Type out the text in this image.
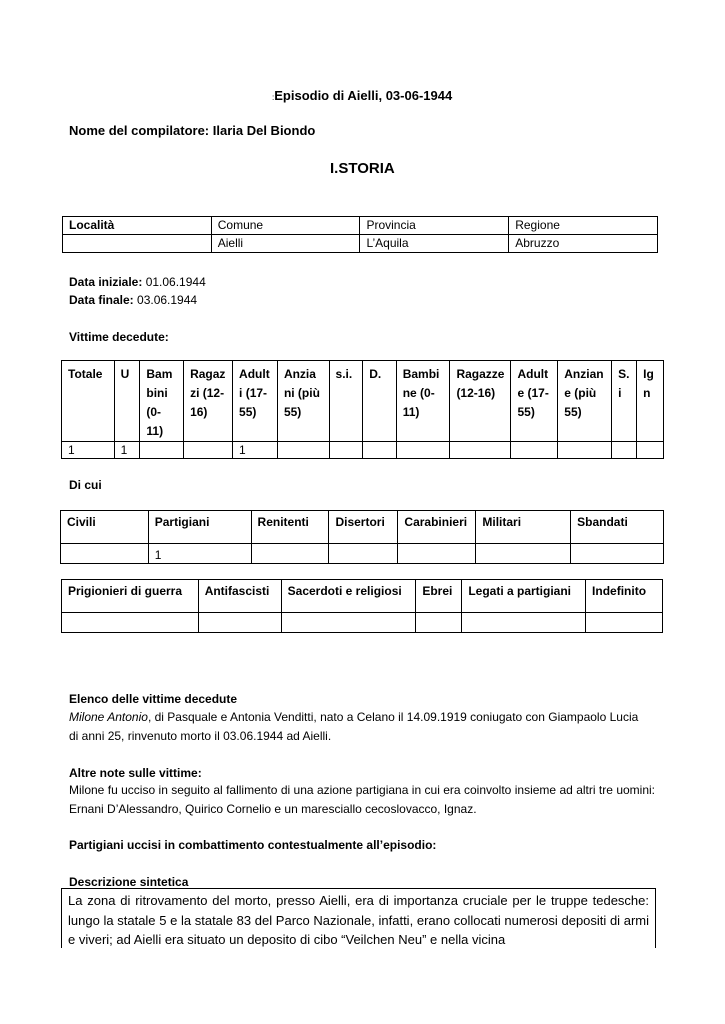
:Episodio di Aielli, 03-06-1944
Nome del compilatore: Ilaria Del Biondo
I.STORIA
Località	Comune	Provincia	Regione
	Aielli	L’Aquila	Abruzzo
Data iniziale: 01.06.1944
Data finale: 03.06.1944
Vittime decedute:
Totale	U	Bam
bini
(0-
11)	Ragaz
zi (12-
16)	Adult
i (17-
55)	Anzia
ni (più
55)	s.i.	D.	Bambi
ne (0-
11)	Ragazze
(12-16)	Adult
e (17-
55)	Anzian
e (più
55)	S.
i	Ig
n
1	1			1									
Di cui
Civili	Partigiani	Renitenti	Disertori	Carabinieri	Militari	Sbandati
	1					
Prigionieri di guerra	Antifascisti	Sacerdoti e religiosi	Ebrei	Legati a partigiani	Indefinito

Elenco delle vittime decedute
Milone Antonio, di Pasquale e Antonia Venditti, nato a Celano il 14.09.1919 coniugato con Giampaolo Lucia
di anni 25, rinvenuto morto il 03.06.1944 ad Aielli.
Altre note sulle vittime:
Milone fu ucciso in seguito al fallimento di una azione partigiana in cui era coinvolto insieme ad altri tre uomini: Ernani D’Alessandro, Quirico Cornelio e un maresciallo cecoslovacco, Ignaz.
Partigiani uccisi in combattimento contestualmente all’episodio:
Descrizione sintetica
La zona di ritrovamento del morto, presso Aielli, era di importanza cruciale per le truppe tedesche: lungo la statale 5 e la statale 83 del Parco Nazionale, infatti, erano collocati numerosi depositi di armi e viveri; ad Aielli era situato un deposito di cibo “Veilchen Neu” e nella vicina
